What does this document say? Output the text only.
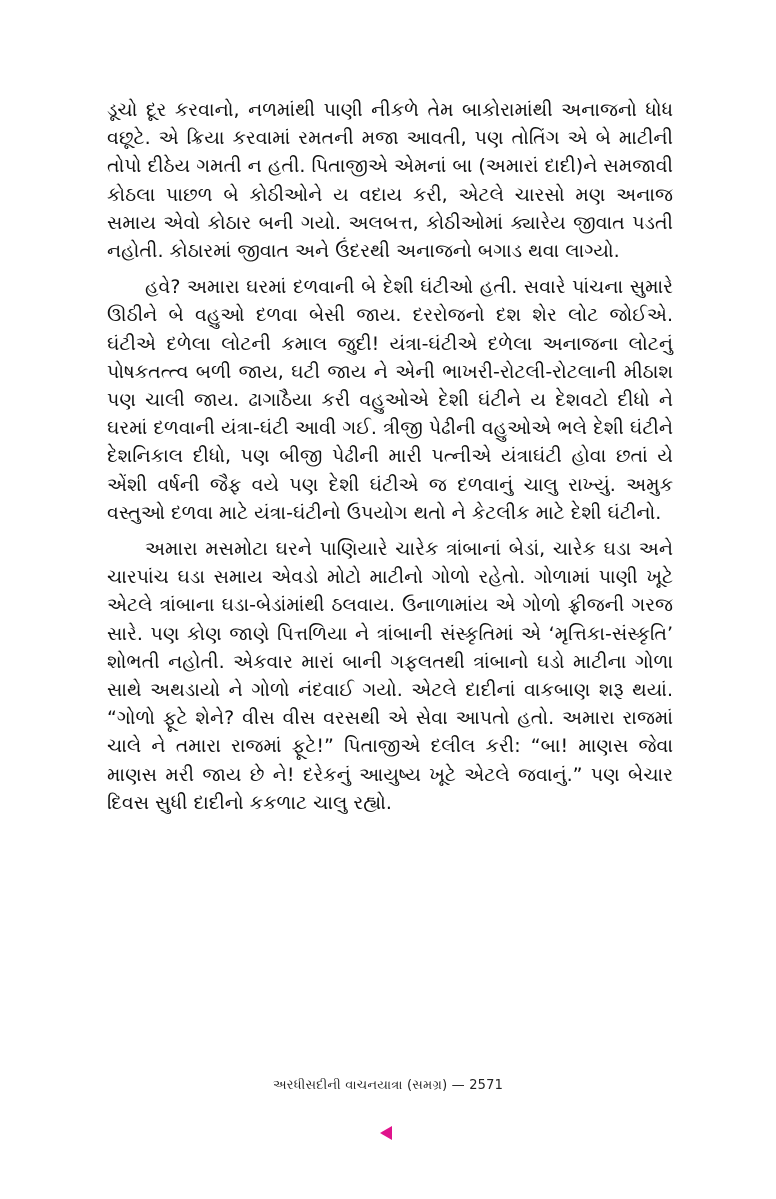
ડૂચો દૂર કરવાનો, નળમાંથી પાણી નીકળે તેમ બાકોરામાંથી અનાજનો ધોધ વછૂટે. એ ક્રિયા કરવામાં રમતની મજા આવતી, પણ તોતિંગ એ બે માટીની તોપો દીઠેય ગમતી ન હતી. પિતાજીએ એમનાં બા (અમારાં દાદી)ને સમજાવી કોઠલા પાછળ બે કોઠીઓને ય વદાય કરી, એટલે ચારસો મણ અનાજ સમાય એવો કોઠાર બની ગયો. અલબત્ત, કોઠીઓમાં ક્યારેય જીવાત પડતી નહોતી. કોઠારમાં જીવાત અને ઉંદરથી અનાજનો બગાડ થવા લાગ્યો.

હવે? અમારા ઘરમાં દળવાની બે દેશી ઘંટીઓ હતી. સવારે પાંચના સુમારે ઊઠીને બે વહુઓ દળવા બેસી જાય. દરરોજનો દશ શેર લોટ જોઈએ. ઘંટીએ દળેલા લોટની કમાલ જુદી! યંત્રા-ઘંટીએ દળેલા અનાજના લોટનું પોષકતત્ત્વ બળી જાય, ઘટી જાય ને એની ભાખરી-રોટલી-રોટલાની મીઠાશ પણ ચાલી જાય. ઢાગાઠૈયા કરી વહુઓએ દેશી ઘંટીને ય દેશવટો દીધો ને ઘરમાં દળવાની યંત્રા-ઘંટી આવી ગઈ. ત્રીજી પેઢીની વહુઓએ ભલે દેશી ઘંટીને દેશનિકાલ દીધો, પણ બીજી પેઢીની મારી પત્નીએ યંત્રાઘંટી હોવા છતાં યે એંશી વર્ષની જૈફ વયે પણ દેશી ઘંટીએ જ દળવાનું ચાલુ રાખ્યું. અમુક વસ્તુઓ દળવા માટે યંત્રા-ઘંટીનો ઉપયોગ થતો ને કેટલીક માટે દેશી ઘંટીનો.

અમારા મસમોટા ઘરને પાણિયારે ચારેક ત્રાંબાનાં બેડાં, ચારેક ઘડા અને ચારપાંચ ઘડા સમાય એવડો મોટો માટીનો ગોળો રહેતો. ગોળામાં પાણી ખૂટે એટલે ત્રાંબાના ઘડા-બેડાંમાંથી ઠલવાય. ઉનાળામાંય એ ગોળો ફ્રીજની ગરજ સારે. પણ કોણ જાણે પિત્તળિયા ને ત્રાંબાની સંસ્કૃતિમાં એ ‘મૃત્તિકા-સંસ્કૃતિ’ શોભતી નહોતી. એકવાર મારાં બાની ગફલતથી ત્રાંબાનો ઘડો માટીના ગોળા સાથે અથડાયો ને ગોળો નંદવાઈ ગયો. એટલે દાદીનાં વાકબાણ શરૂ થયાં. “ગોળો ફૂટે શેને? વીસ વીસ વરસથી એ સેવા આપતો હતો. અમારા રાજમાં ચાલે ને તમારા રાજમાં ફૂટે!” પિતાજીએ દલીલ કરી: “બા! માણસ જેવા માણસ મરી જાય છે ને! દરેકનું આયુષ્ય ખૂટે એટલે જવાનું.” પણ બેચાર દિવસ સુધી દાદીનો કકળાટ ચાલુ રહ્યો.

અરધીસદીની વાચનયાત્રા (સમગ્ર) — 2571
